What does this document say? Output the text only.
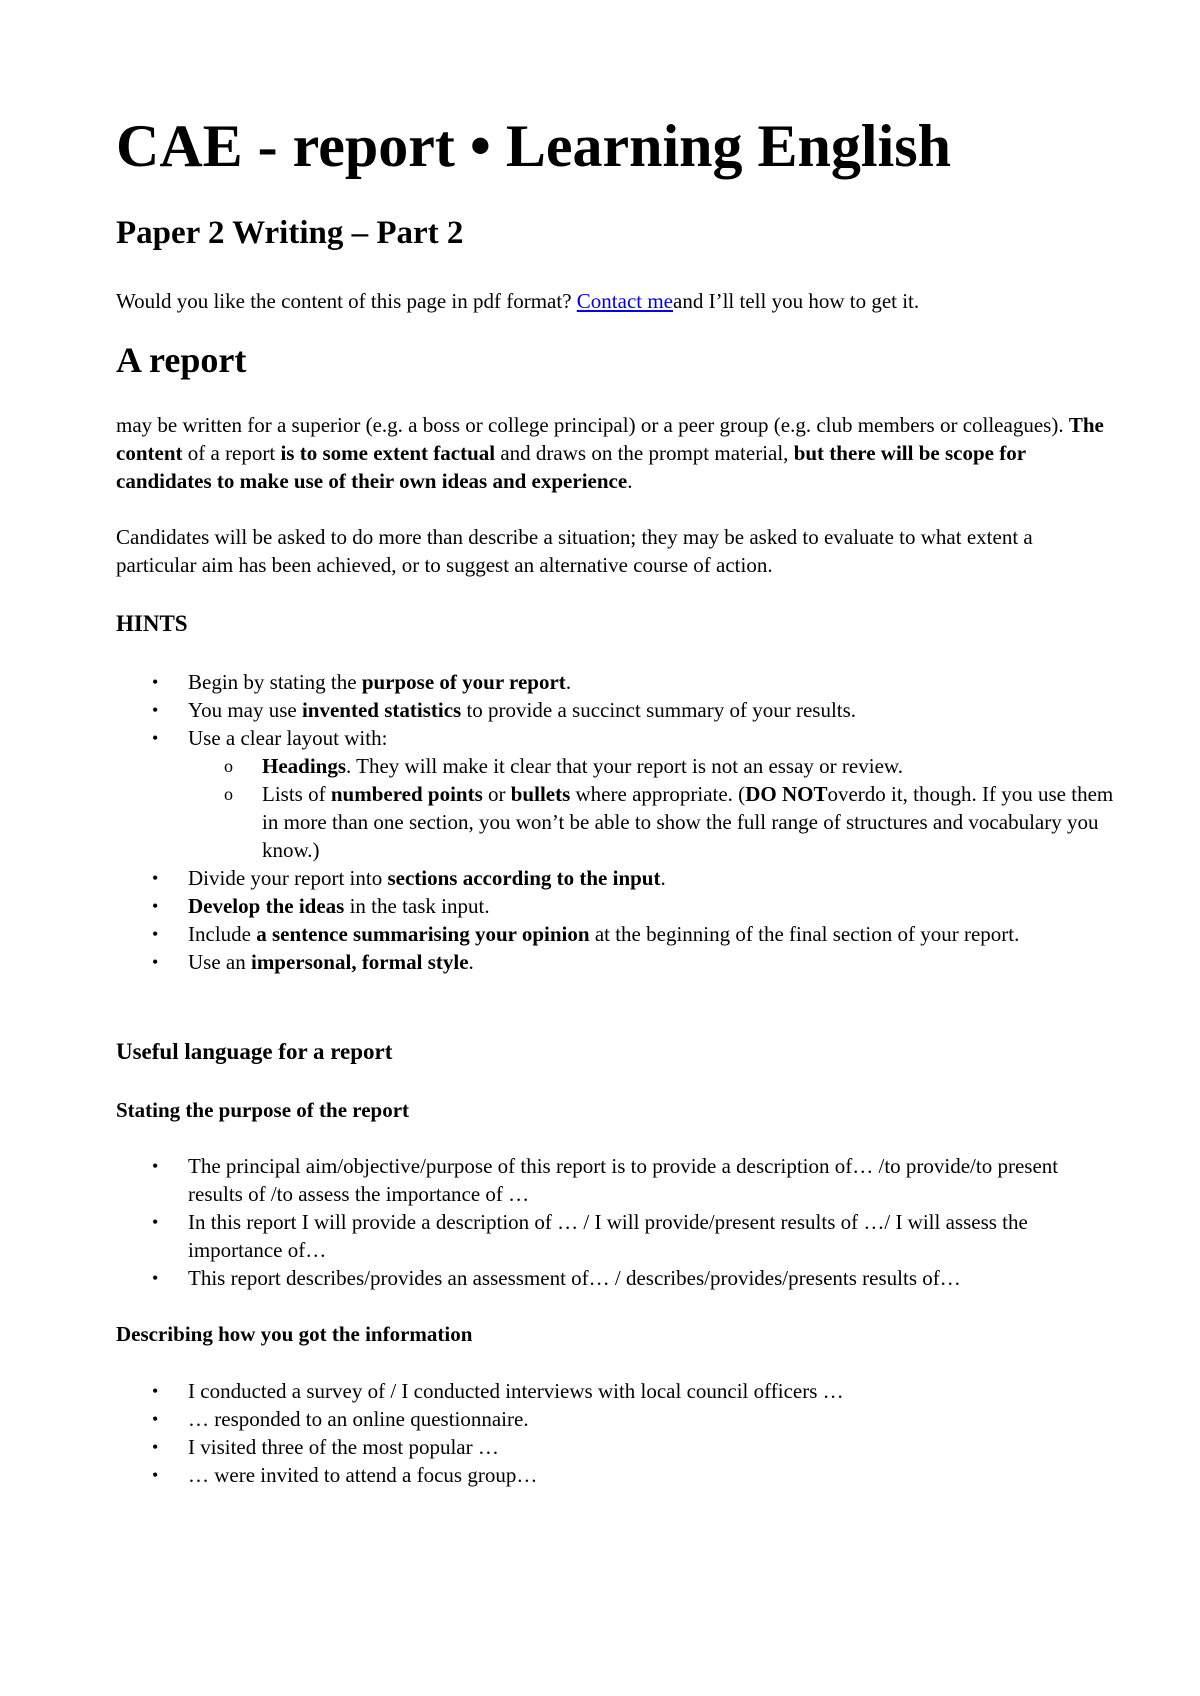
CAE - report • Learning English
Paper 2 Writing – Part 2

Would you like the content of this page in pdf format? Contact meand I’ll tell you how to get it.

A report

may be written for a superior (e.g. a boss or college principal) or a peer group (e.g. club members or colleagues). The content of a report is to some extent factual and draws on the prompt material, but there will be scope for candidates to make use of their own ideas and experience.

Candidates will be asked to do more than describe a situation; they may be asked to evaluate to what extent a particular aim has been achieved, or to suggest an alternative course of action.

HINTS
• Begin by stating the purpose of your report.
• You may use invented statistics to provide a succinct summary of your results.
• Use a clear layout with:
o Headings. They will make it clear that your report is not an essay or review.
o Lists of numbered points or bullets where appropriate. (DO NOToverdo it, though. If you use them in more than one section, you won’t be able to show the full range of structures and vocabulary you know.)
• Divide your report into sections according to the input.
• Develop the ideas in the task input.
• Include a sentence summarising your opinion at the beginning of the final section of your report.
• Use an impersonal, formal style.
Useful language for a report
Stating the purpose of the report
• The principal aim/objective/purpose of this report is to provide a description of… /to provide/to present results of /to assess the importance of …
• In this report I will provide a description of … / I will provide/present results of …/ I will assess the importance of…
• This report describes/provides an assessment of… / describes/provides/presents results of…
Describing how you got the information
• I conducted a survey of / I conducted interviews with local council officers …
• … responded to an online questionnaire.
• I visited three of the most popular …
• … were invited to attend a focus group…
